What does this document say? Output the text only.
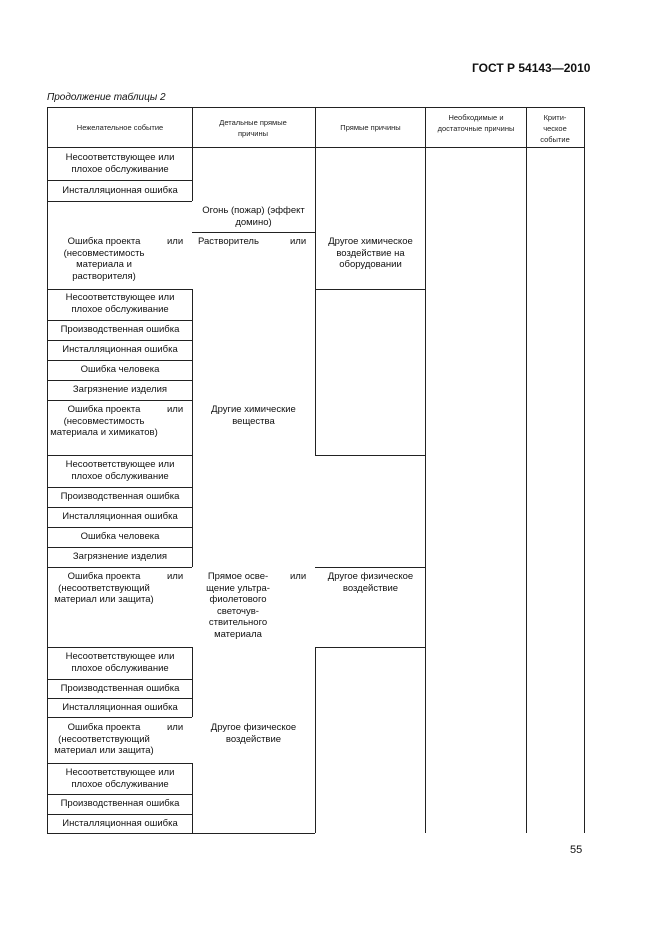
ГОСТ Р 54143—2010
Продолжение таблицы 2
Нежелательное событие
Детальные прямые причины
Прямые причины
Необходимые и достаточные причины
Крити-ческое событие
Несоответствующее или плохое обслуживание
Инсталляционная ошибка
Ошибка проекта (несовместимость материала и растворителя)
Несоответствующее или плохое обслуживание
Производственная ошибка
Инсталляционная ошибка
Ошибка человека
Загрязнение изделия
Ошибка проекта (несовместимость материала и химикатов)
Несоответствующее или плохое обслуживание
Производственная ошибка
Инсталляционная ошибка
Ошибка человека
Загрязнение изделия
Ошибка проекта (несоответствующий материал или защита)
Несоответствующее или плохое обслуживание
Производственная ошибка
Инсталляционная ошибка
Ошибка проекта (несоответствующий материал или защита)
Несоответствующее или плохое обслуживание
Производственная ошибка
Инсталляционная ошибка
или
или
или
или
Огонь (пожар) (эффект домино)
Растворитель	или
Другие химические вещества
Прямое осве-щение ультра-фиолетового светочув-ствительного материала
или
Другое физическое воздействие
Другое химическое воздействие на оборудовании
Другое физическое воздействие
55
